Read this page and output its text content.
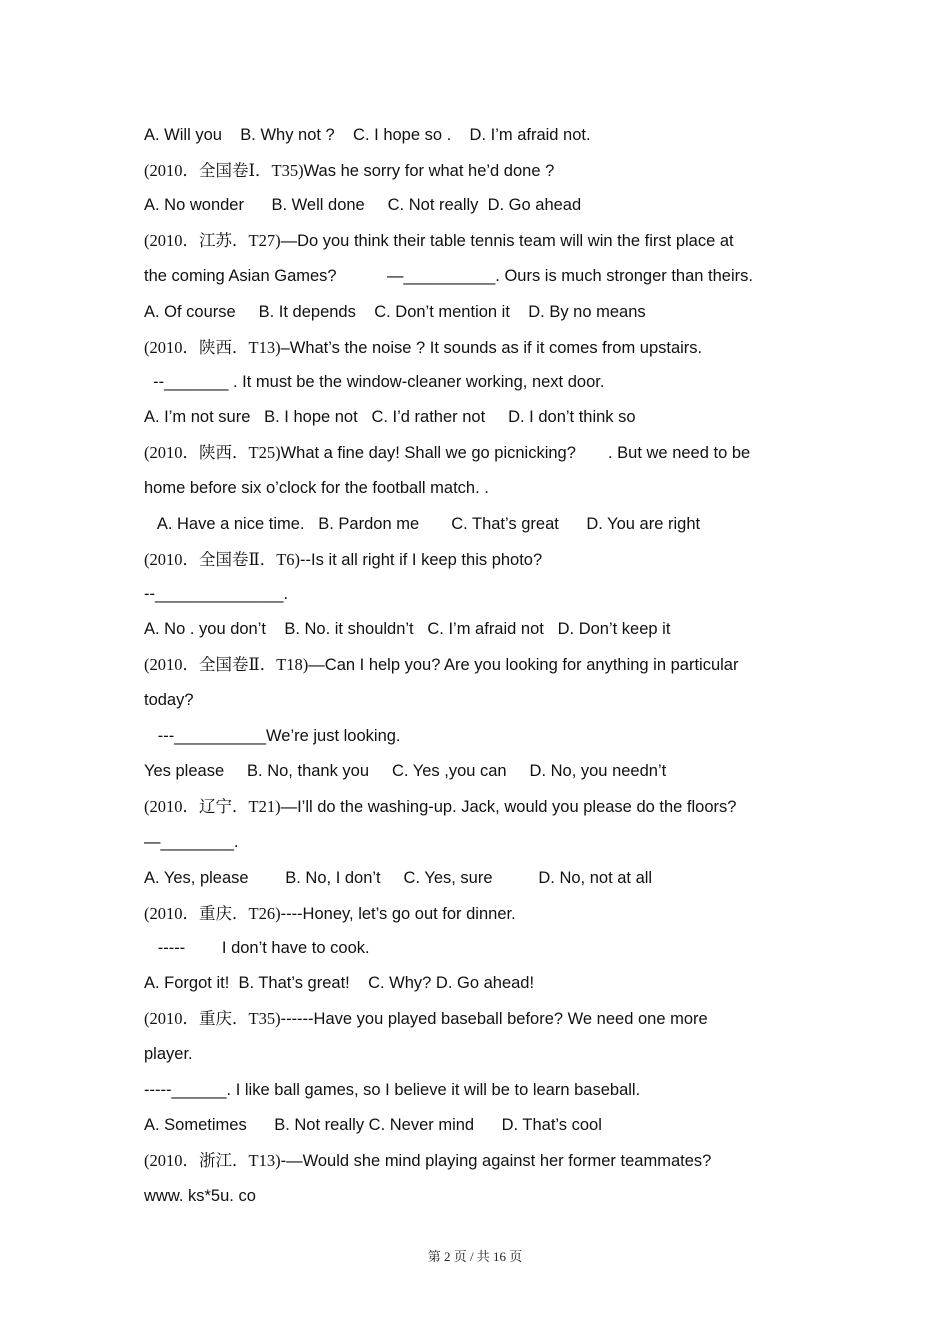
A. Will you    B. Why not ?    C. I hope so .    D. I’m afraid not.
(2010．全国卷Ⅰ．T35)Was he sorry for what he’d done ?
A. No wonder      B. Well done     C. Not really  D. Go ahead
(2010．江苏．T27)—Do you think their table tennis team will win the first place at
the coming Asian Games?           —__________. Ours is much stronger than theirs.
A. Of course     B. It depends    C. Don’t mention it    D. By no means
(2010．陕西．T13)–What’s the noise ? It sounds as if it comes from upstairs.
--_______ . It must be the window-cleaner working, next door.
A. I’m not sure   B. I hope not   C. I’d rather not     D. I don’t think so
(2010．陕西．T25)What a fine day! Shall we go picnicking?       . But we need to be
home before six o’clock for the football match. .
A. Have a nice time.   B. Pardon me       C. That’s great      D. You are right
(2010．全国卷Ⅱ．T6)--Is it all right if I keep this photo?
--______________.
A. No . you don’t    B. No. it shouldn’t   C. I’m afraid not   D. Don’t keep it
(2010．全国卷Ⅱ．T18)—Can I help you? Are you looking for anything in particular
today?
---__________We’re just looking.
Yes please     B. No, thank you     C. Yes ,you can     D. No, you needn’t
(2010．辽宁．T21)—I’ll do the washing-up. Jack, would you please do the floors?
—________.
A. Yes, please        B. No, I don’t     C. Yes, sure          D. No, not at all
(2010．重庆．T26)----Honey, let’s go out for dinner.
-----        I don’t have to cook.
A. Forgot it!  B. That’s great!    C. Why? D. Go ahead!
(2010．重庆．T35)------Have you played baseball before? We need one more
player.
-----______. I like ball games, so I believe it will be to learn baseball.
A. Sometimes      B. Not really C. Never mind      D. That’s cool
(2010．浙江．T13)-—Would she mind playing against her former teammates?
www. ks*5u. co
第 2 页 / 共 16 页
